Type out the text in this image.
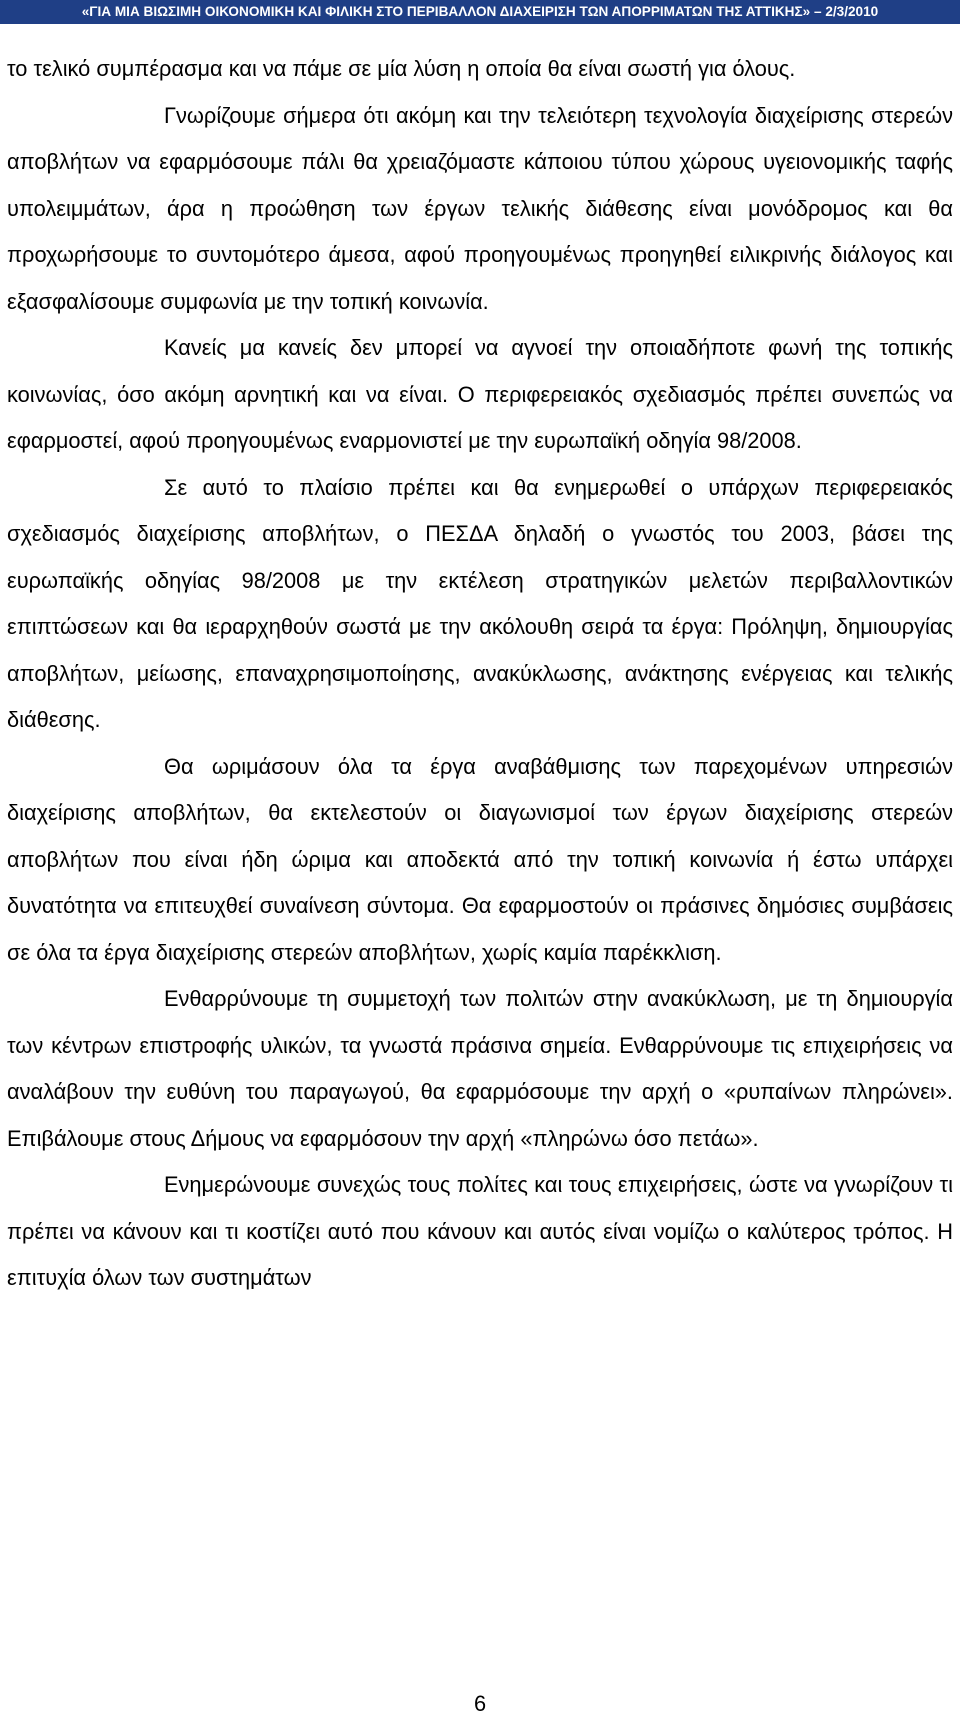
«ΓΙΑ ΜΙΑ ΒΙΩΣΙΜΗ ΟΙΚΟΝΟΜΙΚΗ ΚΑΙ ΦΙΛΙΚΗ ΣΤΟ ΠΕΡΙΒΑΛΛΟΝ ΔΙΑΧΕΙΡΙΣΗ ΤΩΝ ΑΠΟΡΡΙΜΑΤΩΝ ΤΗΣ ΑΤΤΙΚΗΣ» – 2/3/2010

το τελικό συμπέρασμα και να πάμε σε μία λύση η οποία θα είναι σωστή για όλους.

Γνωρίζουμε σήμερα ότι ακόμη και την τελειότερη τεχνολογία διαχείρισης στερεών αποβλήτων να εφαρμόσουμε πάλι θα χρειαζόμαστε κάποιου τύπου χώρους υγειονομικής ταφής υπολειμμάτων, άρα η προώθηση των έργων τελικής διάθεσης είναι μονόδρομος και θα προχωρήσουμε το συντομότερο άμεσα, αφού προηγουμένως προηγηθεί ειλικρινής διάλογος και εξασφαλίσουμε συμφωνία με την τοπική κοινωνία.

Κανείς μα κανείς δεν μπορεί να αγνοεί την οποιαδήποτε φωνή της τοπικής κοινωνίας, όσο ακόμη αρνητική και να είναι. Ο περιφερειακός σχεδιασμός πρέπει συνεπώς να εφαρμοστεί, αφού προηγουμένως εναρμονιστεί με την ευρωπαϊκή οδηγία 98/2008.

Σε αυτό το πλαίσιο πρέπει και θα ενημερωθεί ο υπάρχων περιφερειακός σχεδιασμός διαχείρισης αποβλήτων, ο ΠΕΣΔΑ δηλαδή ο γνωστός του 2003, βάσει της ευρωπαϊκής οδηγίας 98/2008 με την εκτέλεση στρατηγικών μελετών περιβαλλοντικών επιπτώσεων και θα ιεραρχηθούν σωστά με την ακόλουθη σειρά τα έργα: Πρόληψη, δημιουργίας αποβλήτων, μείωσης, επαναχρησιμοποίησης, ανακύκλωσης, ανάκτησης ενέργειας και τελικής διάθεσης.

Θα ωριμάσουν όλα τα έργα αναβάθμισης των παρεχομένων υπηρεσιών διαχείρισης αποβλήτων, θα εκτελεστούν οι διαγωνισμοί των έργων διαχείρισης στερεών αποβλήτων που είναι ήδη ώριμα και αποδεκτά από την τοπική κοινωνία ή έστω υπάρχει δυνατότητα να επιτευχθεί συναίνεση σύντομα. Θα εφαρμοστούν οι πράσινες δημόσιες συμβάσεις σε όλα τα έργα διαχείρισης στερεών αποβλήτων, χωρίς καμία παρέκκλιση.

Ενθαρρύνουμε τη συμμετοχή των πολιτών στην ανακύκλωση, με τη δημιουργία των κέντρων επιστροφής υλικών, τα γνωστά πράσινα σημεία. Ενθαρρύνουμε τις επιχειρήσεις να αναλάβουν την ευθύνη του παραγωγού, θα εφαρμόσουμε την αρχή ο «ρυπαίνων πληρώνει». Επιβάλουμε στους Δήμους να εφαρμόσουν την αρχή «πληρώνω όσο πετάω».

Ενημερώνουμε συνεχώς τους πολίτες και τους επιχειρήσεις, ώστε να γνωρίζουν τι πρέπει να κάνουν και τι κοστίζει αυτό που κάνουν και αυτός είναι νομίζω ο καλύτερος τρόπος. Η επιτυχία όλων των συστημάτων

6
